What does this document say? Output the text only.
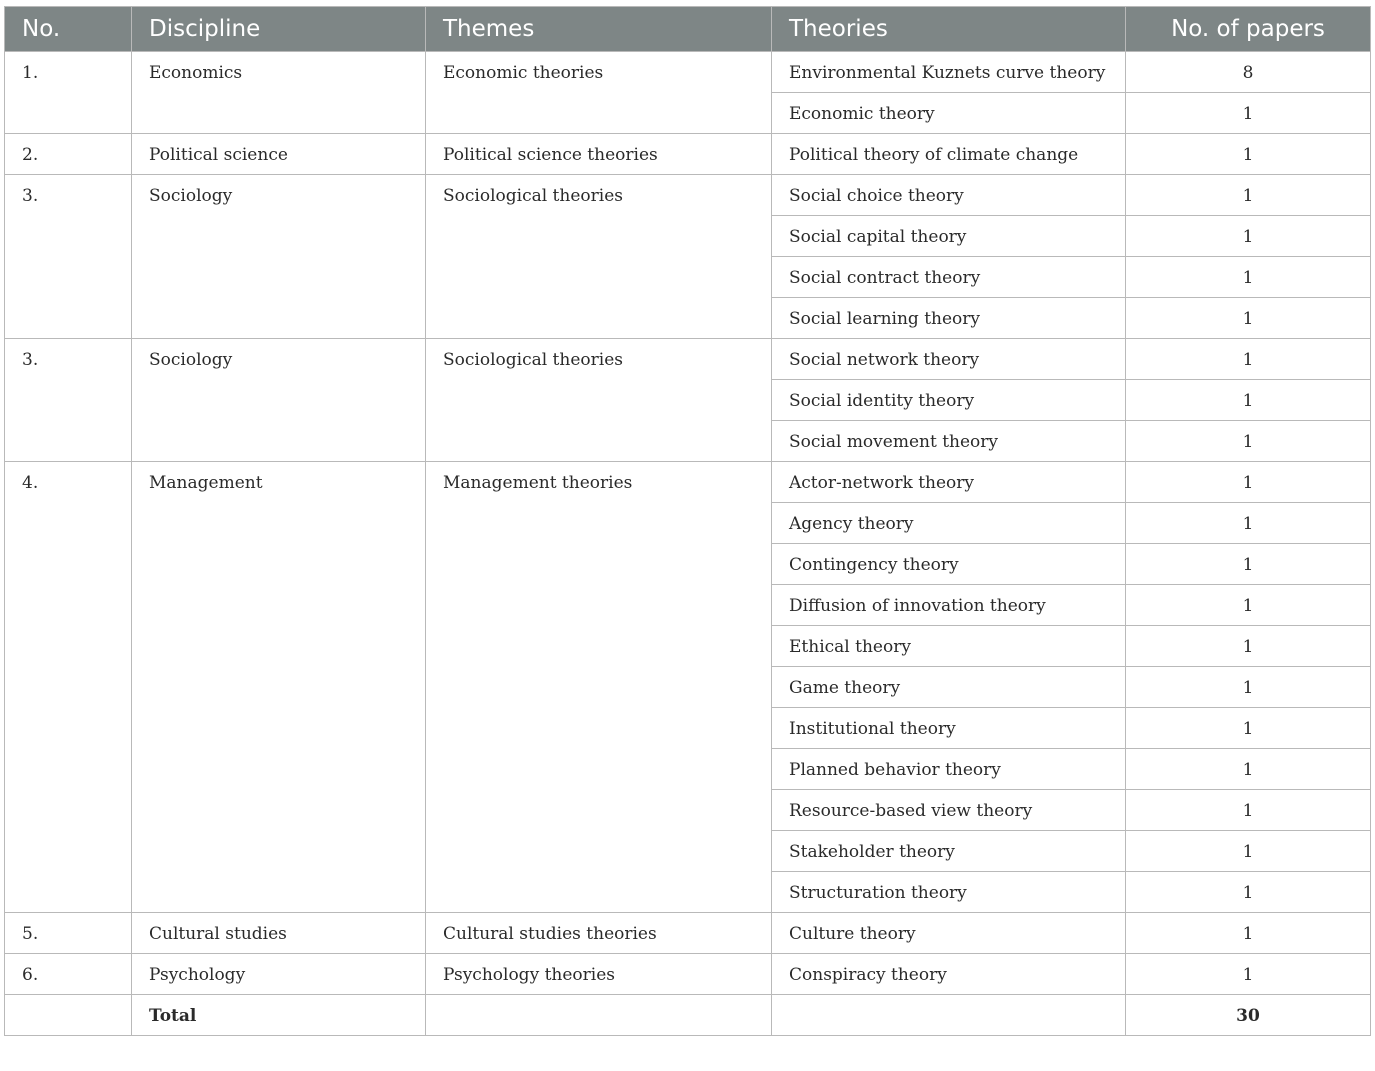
No.	Discipline	Themes	Theories	No. of papers

1.	Economics	Economic theories	Environmental Kuznets curve theory	8

			Economic theory	1

2.	Political science	Political science theories	Political theory of climate change	1

3.	Sociology	Sociological theories	Social choice theory	1

			Social capital theory	1

			Social contract theory	1

			Social learning theory	1

3.	Sociology	Sociological theories	Social network theory	1

			Social identity theory	1

			Social movement theory	1

4.	Management	Management theories	Actor-network theory	1

			Agency theory	1

			Contingency theory	1

			Diffusion of innovation theory	1

			Ethical theory	1

			Game theory	1

			Institutional theory	1

			Planned behavior theory	1

			Resource-based view theory	1

			Stakeholder theory	1

			Structuration theory	1

5.	Cultural studies	Cultural studies theories	Culture theory	1

6.	Psychology	Psychology theories	Conspiracy theory	1

	Total			30
